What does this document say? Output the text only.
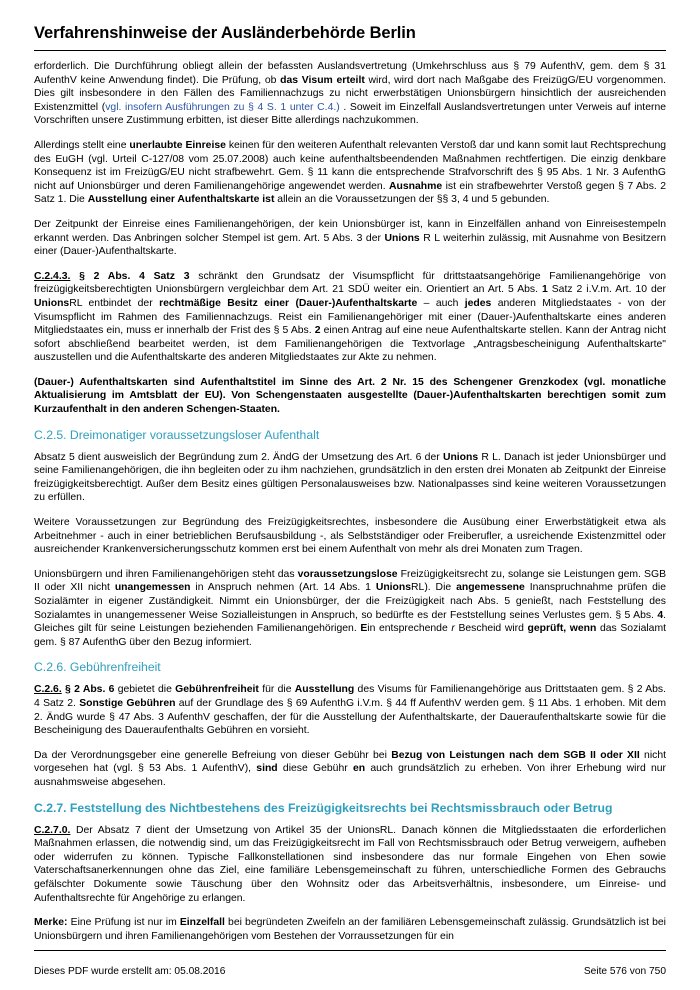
Verfahrenshinweise der Ausländerbehörde Berlin

erforderlich. Die Durchführung obliegt allein der befassten Auslandsvertretung (Umkehrschluss aus § 79 AufenthV, gem. dem § 31 AufenthV keine Anwendung findet). Die Prüfung, ob das Visum erteilt wird, wird dort nach Maßgabe des FreizügG/EU vorgenommen. Dies gilt insbesondere in den Fällen des Familiennachzugs zu nicht erwerbstätigen Unionsbürgern hinsichtlich der ausreichenden Existenzmittel (vgl. insofern Ausführungen zu § 4 S. 1 unter C.4.) . Soweit im Einzelfall Auslandsvertretungen unter Verweis auf interne Vorschriften unsere Zustimmung erbitten, ist dieser Bitte allerdings nachzukommen.

Allerdings stellt eine unerlaubte Einreise keinen für den weiteren Aufenthalt relevanten Verstoß dar und kann somit laut Rechtsprechung des EuGH (vgl. Urteil C-127/08 vom 25.07.2008) auch keine aufenthaltsbeendenden Maßnahmen rechtfertigen. Die einzig denkbare Konsequenz ist im FreizügG/EU nicht strafbewehrt. Gem. § 11 kann die entsprechende Strafvorschrift des § 95 Abs. 1 Nr. 3 AufenthG nicht auf Unionsbürger und deren Familienangehörige angewendet werden. Ausnahme ist ein strafbewehrter Verstoß gegen § 7 Abs. 2 Satz 1. Die Ausstellung einer Aufenthaltskarte ist allein an die Voraussetzungen der §§ 3, 4 und 5 gebunden.

Der Zeitpunkt der Einreise eines Familienangehörigen, der kein Unionsbürger ist, kann in Einzelfällen anhand von Einreisestempeln erkannt werden. Das Anbringen solcher Stempel ist gem. Art. 5 Abs. 3 der Unions R L weiterhin zulässig, mit Ausnahme von Besitzern einer (Dauer-)Aufenthaltskarte.

C.2.4.3. § 2 Abs. 4 Satz 3 schränkt den Grundsatz der Visumspflicht für drittstaatsangehörige Familienangehörige von freizügigkeitsberechtigten Unionsbürgern vergleichbar dem Art. 21 SDÜ weiter ein. Orientiert an Art. 5 Abs. 1 Satz 2 i.V.m. Art. 10 der UnionsRL entbindet der rechtmäßige Besitz einer (Dauer-)Aufenthaltskarte – auch jedes anderen Mitgliedstaates - von der Visumspflicht im Rahmen des Familiennachzugs. Reist ein Familienangehöriger mit einer (Dauer-)Aufenthaltskarte eines anderen Mitgliedstaates ein, muss er innerhalb der Frist des § 5 Abs. 2 einen Antrag auf eine neue Aufenthaltskarte stellen. Kann der Antrag nicht sofort abschließend bearbeitet werden, ist dem Familienangehörigen die Textvorlage „Antragsbescheinigung Aufenthaltskarte" auszustellen und die Aufenthaltskarte des anderen Mitgliedstaates zur Akte zu nehmen.

(Dauer-) Aufenthaltskarten sind Aufenthaltstitel im Sinne des Art. 2 Nr. 15 des Schengener Grenzkodex (vgl. monatliche Aktualisierung im Amtsblatt der EU). Von Schengenstaaten ausgestellte (Dauer-)Aufenthaltskarten berechtigen somit zum Kurzaufenthalt in den anderen Schengen-Staaten.

C.2.5. Dreimonatiger voraussetzungsloser Aufenthalt

Absatz 5 dient ausweislich der Begründung zum 2. ÄndG der Umsetzung des Art. 6 der Unions R L. Danach ist jeder Unionsbürger und seine Familienangehörigen, die ihn begleiten oder zu ihm nachziehen, grundsätzlich in den ersten drei Monaten ab Zeitpunkt der Einreise freizügigkeitsberechtigt. Außer dem Besitz eines gültigen Personalausweises bzw. Nationalpasses sind keine weiteren Voraussetzungen zu erfüllen.

Weitere Voraussetzungen zur Begründung des Freizügigkeitsrechtes, insbesondere die Ausübung einer Erwerbstätigkeit etwa als Arbeitnehmer - auch in einer betrieblichen Berufsausbildung -, als Selbstständiger oder Freiberufler, a usreichende Existenzmittel oder ausreichender Krankenversicherungsschutz kommen erst bei einem Aufenthalt von mehr als drei Monaten zum Tragen.

Unionsbürgern und ihren Familienangehörigen steht das voraussetzungslose Freizügigkeitsrecht zu, solange sie Leistungen gem. SGB II oder XII nicht unangemessen in Anspruch nehmen (Art. 14 Abs. 1 UnionsRL). Die angemessene Inanspruchnahme prüfen die Sozialämter in eigener Zuständigkeit. Nimmt ein Unionsbürger, der die Freizügigkeit nach Abs. 5 genießt, nach Feststellung des Sozialamtes in unangemessener Weise Sozialleistungen in Anspruch, so bedürfte es der Feststellung seines Verlustes gem. § 5 Abs. 4. Gleiches gilt für seine Leistungen beziehenden Familienangehörigen. Ein entsprechende r Bescheid wird geprüft, wenn das Sozialamt gem. § 87 AufenthG über den Bezug informiert.

C.2.6. Gebührenfreiheit

C.2.6. § 2 Abs. 6 gebietet die Gebührenfreiheit für die Ausstellung des Visums für Familienangehörige aus Drittstaaten gem. § 2 Abs. 4 Satz 2. Sonstige Gebühren auf der Grundlage des § 69 AufenthG i.V.m. § 44 ff AufenthV werden gem. § 11 Abs. 1 erhoben. Mit dem 2. ÄndG wurde § 47 Abs. 3 AufenthV geschaffen, der für die Ausstellung der Aufenthaltskarte, der Daueraufenthaltskarte sowie für die Bescheinigung des Daueraufenthalts Gebühren en vorsieht.

Da der Verordnungsgeber eine generelle Befreiung von dieser Gebühr bei Bezug von Leistungen nach dem SGB II oder XII nicht vorgesehen hat (vgl. § 53 Abs. 1 AufenthV), sind diese Gebühr en auch grundsätzlich zu erheben. Von ihrer Erhebung wird nur ausnahmsweise abgesehen.

C.2.7. Feststellung des Nichtbestehens des Freizügigkeitsrechts bei Rechtsmissbrauch oder Betrug

C.2.7.0. Der Absatz 7 dient der Umsetzung von Artikel 35 der UnionsRL. Danach können die Mitgliedsstaaten die erforderlichen Maßnahmen erlassen, die notwendig sind, um das Freizügigkeitsrecht im Fall von Rechtsmissbrauch oder Betrug verweigern, aufheben oder widerrufen zu können. Typische Fallkonstellationen sind insbesondere das nur formale Eingehen von Ehen sowie Vaterschaftsanerkennungen ohne das Ziel, eine familiäre Lebensgemeinschaft zu führen, unterschiedliche Formen des Gebrauchs gefälschter Dokumente sowie Täuschung über den Wohnsitz oder das Arbeitsverhältnis, insbesondere, um Einreise- und Aufenthaltsrechte für Angehörige zu erlangen.

Merke: Eine Prüfung ist nur im Einzelfall bei begründeten Zweifeln an der familiären Lebensgemeinschaft zulässig. Grundsätzlich ist bei Unionsbürgern und ihren Familienangehörigen vom Bestehen der Vorraussetzungen für ein

Dieses PDF wurde erstellt am: 05.08.2016	Seite 576 von 750
